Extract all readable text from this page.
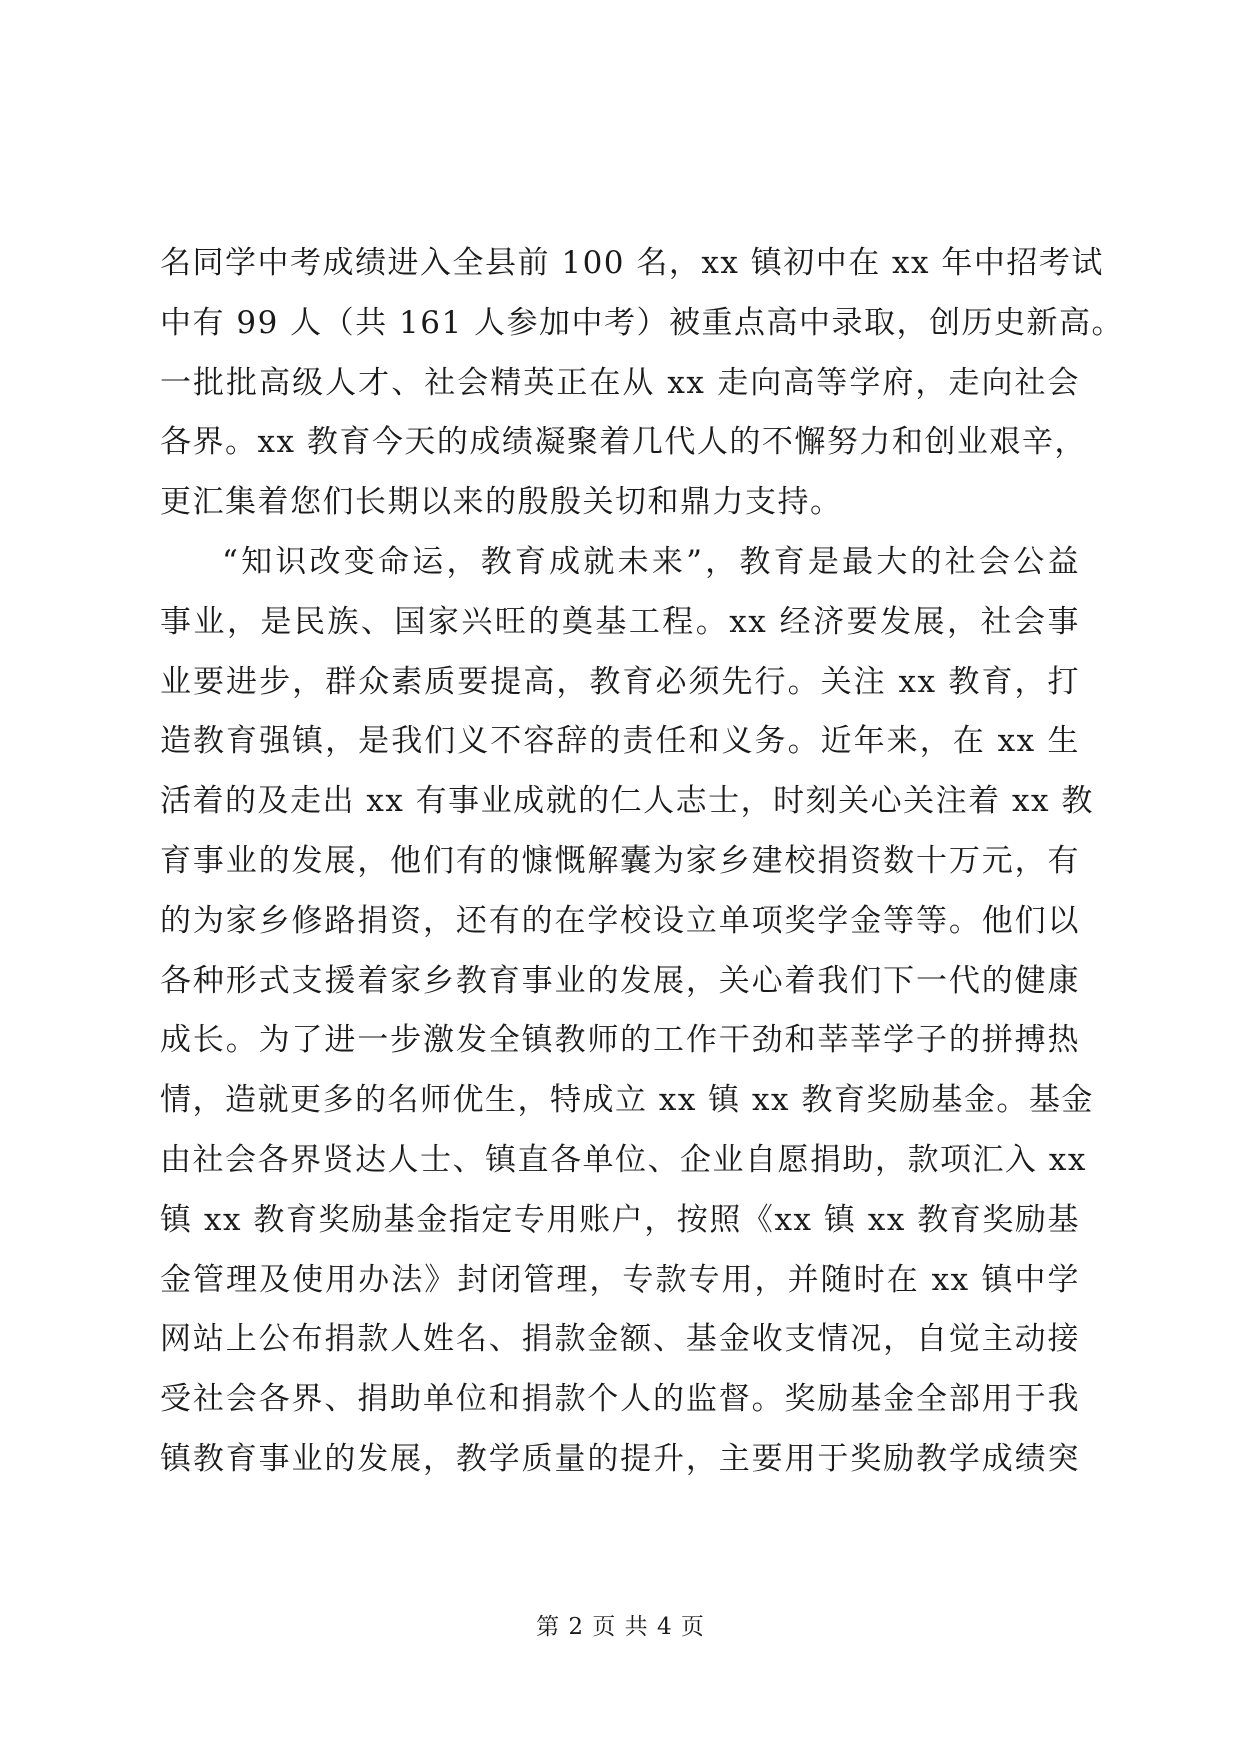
名同学中考成绩进入全县前 100 名，xx 镇初中在 xx 年中招考试
中有 99 人（共 161 人参加中考）被重点高中录取，创历史新高。
一批批高级人才、社会精英正在从 xx 走向高等学府，走向社会
各界。xx 教育今天的成绩凝聚着几代人的不懈努力和创业艰辛，
更汇集着您们长期以来的殷殷关切和鼎力支持。
“知识改变命运，教育成就未来”，教育是最大的社会公益
事业，是民族、国家兴旺的奠基工程。xx 经济要发展，社会事
业要进步，群众素质要提高，教育必须先行。关注 xx 教育，打
造教育强镇，是我们义不容辞的责任和义务。近年来，在 xx 生
活着的及走出 xx 有事业成就的仁人志士，时刻关心关注着 xx 教
育事业的发展，他们有的慷慨解囊为家乡建校捐资数十万元，有
的为家乡修路捐资，还有的在学校设立单项奖学金等等。他们以
各种形式支援着家乡教育事业的发展，关心着我们下一代的健康
成长。为了进一步激发全镇教师的工作干劲和莘莘学子的拼搏热
情，造就更多的名师优生，特成立 xx 镇 xx 教育奖励基金。基金
由社会各界贤达人士、镇直各单位、企业自愿捐助，款项汇入 xx
镇 xx 教育奖励基金指定专用账户，按照《xx 镇 xx 教育奖励基
金管理及使用办法》封闭管理，专款专用，并随时在 xx 镇中学
网站上公布捐款人姓名、捐款金额、基金收支情况，自觉主动接
受社会各界、捐助单位和捐款个人的监督。奖励基金全部用于我
镇教育事业的发展，教学质量的提升，主要用于奖励教学成绩突
第 2 页 共 4 页
